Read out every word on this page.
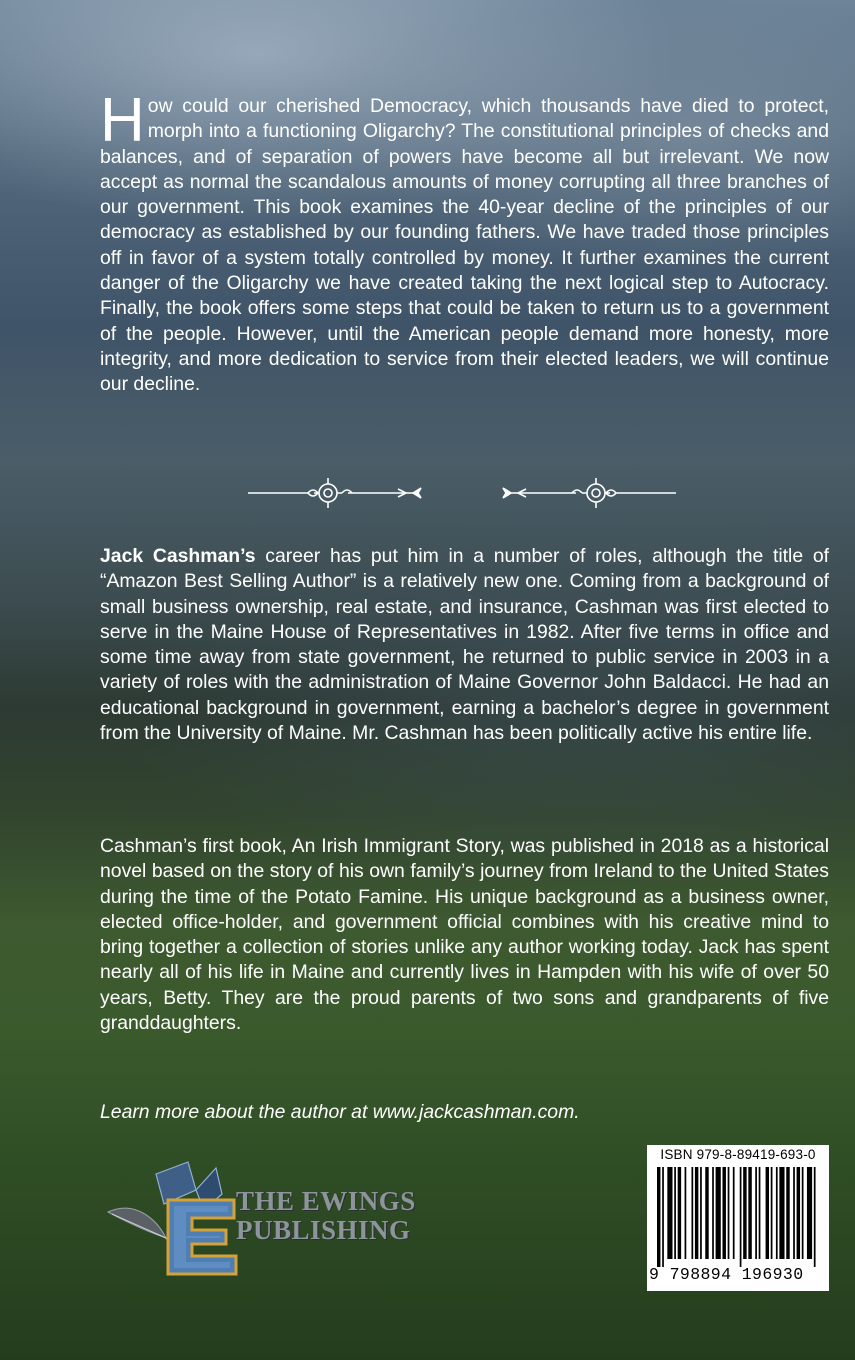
How could our cherished Democracy, which thousands have died to protect, morph into a functioning Oligarchy? The constitutional principles of checks and balances, and of separation of powers have become all but irrelevant. We now accept as normal the scandalous amounts of money corrupting all three branches of our government. This book examines the 40-year decline of the principles of our democracy as established by our founding fathers. We have traded those principles off in favor of a system totally controlled by money. It further examines the current danger of the Oligarchy we have created taking the next logical step to Autocracy. Finally, the book offers some steps that could be taken to return us to a government of the people. However, until the American people demand more honesty, more integrity, and more dedication to service from their elected leaders, we will continue our decline.

Jack Cashman’s career has put him in a number of roles, although the title of “Amazon Best Selling Author” is a relatively new one. Coming from a background of small business ownership, real estate, and insurance, Cashman was first elected to serve in the Maine House of Representatives in 1982. After five terms in office and some time away from state government, he returned to public service in 2003 in a variety of roles with the administration of Maine Governor John Baldacci. He had an educational background in government, earning a bachelor’s degree in government from the University of Maine. Mr. Cashman has been politically active his entire life.

Cashman’s first book, An Irish Immigrant Story, was published in 2018 as a historical novel based on the story of his own family’s journey from Ireland to the United States during the time of the Potato Famine. His unique background as a business owner, elected office-holder, and government official combines with his creative mind to bring together a collection of stories unlike any author working today. Jack has spent nearly all of his life in Maine and currently lives in Hampden with his wife of over 50 years, Betty. They are the proud parents of two sons and grandparents of five granddaughters.

Learn more about the author at www.jackcashman.com.

THE EWINGS
PUBLISHING
ISBN 979-8-89419-693-0
9 798894 196930
